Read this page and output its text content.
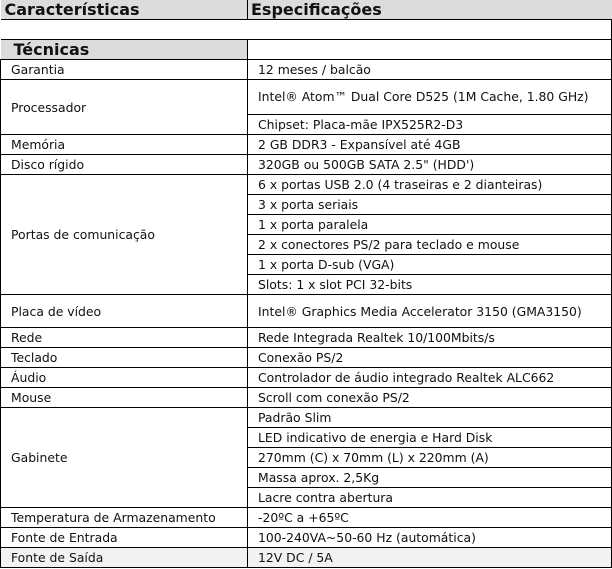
Características	Especificações

Técnicas	
Garantia	12 meses / balcão
Processador	Intel® Atom™ Dual Core D525 (1M Cache, 1.80 GHz)
	Chipset: Placa-mãe IPX525R2-D3
Memória	2 GB DDR3 - Expansível até 4GB
Disco rígido	320GB ou 500GB SATA 2.5" (HDD')
Portas de comunicação	6 x portas USB 2.0 (4 traseiras e 2 dianteiras)
	3 x porta seriais
	1 x porta paralela
	2 x conectores PS/2 para teclado e mouse
	1 x porta D-sub (VGA)
	Slots: 1 x slot PCI 32-bits
Placa de vídeo	Intel® Graphics Media Accelerator 3150 (GMA3150)
Rede	Rede Integrada Realtek 10/100Mbits/s
Teclado	Conexão PS/2
Áudio	Controlador de áudio integrado Realtek ALC662
Mouse	Scroll com conexão PS/2
Gabinete	Padrão Slim
	LED indicativo de energia e Hard Disk
	270mm (C) x 70mm (L) x 220mm (A)
	Massa aprox. 2,5Kg
	Lacre contra abertura
Temperatura de Armazenamento	-20ºC a +65ºC
Fonte de Entrada	100-240VA~50-60 Hz (automática)
Fonte de Saída	12V DC / 5A
